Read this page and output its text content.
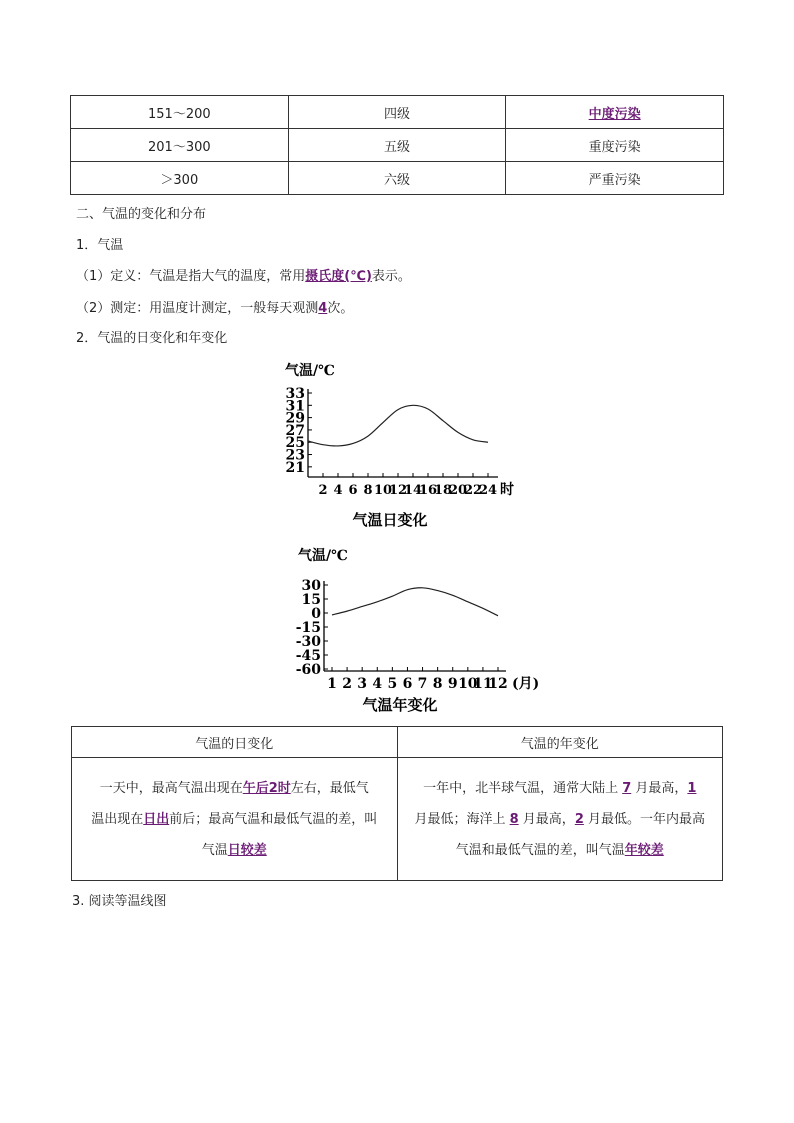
151～200	四级	中度污染
201～300	五级	重度污染
＞300	六级	严重污染
二、气温的变化和分布
1．气温
（1）定义：气温是指大气的温度，常用摄氏度(℃)表示。
（2）测定：用温度计测定，一般每天观测4次。
2．气温的日变化和年变化
气温/℃
33
31
29
27
25
23
21
2 4 6 8 10
12
14
16
18
20
22
24 时
气温日变化
气温/℃
30
15
0
-15
-30
-45
-60
1 2 3 4 5 6 7 8 9 10
11
12 (月)
气温年变化
气温的日变化	气温的年变化

一天中，最高气温出现在午后2时左右，最低气
温出现在日出前后；最高气温和最低气温的差，叫
气温日较差	一年中，北半球气温，通常大陆上 7 月最高，1
月最低；海洋上 8 月最高，2 月最低。一年内最高
气温和最低气温的差，叫气温年较差
3. 阅读等温线图
